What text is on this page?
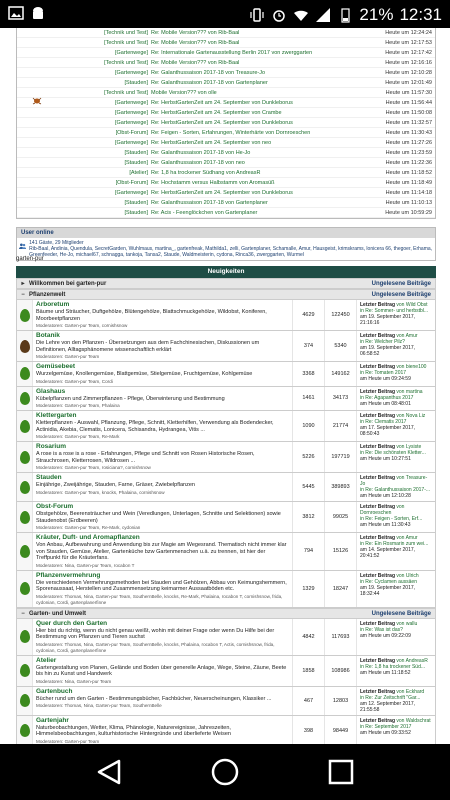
21% 12:31
[Technik und Test] Re: Mobile Version??? von Rib-Baal	Heute um 12:24:24
[Technik und Test] Re: Mobile Version??? von Rib-Baal	Heute um 12:17:53
[Gartenwege] Re: Internationale Gartenausstellung Berlin 2017 von zwerggarten	Heute um 12:17:42
[Technik und Test] Re: Mobile Version??? von Rib-Baal	Heute um 12:16:16
[Gartenwege] Re: Galanthussaison 2017-18 von Treasure-Jo	Heute um 12:10:28
[Stauden] Re: Galanthussaison 2017-18 von Gartenplaner	Heute um 12:01:49
[Technik und Test] Mobile Version??? von olle	Heute um 11:57:30
[Gartenwege] Re: HerbstGartenZeit am 24. September von Dunkleborus	Heute um 11:56:44
[Gartenwege] Re: HerbstGartenZeit am 24. September von Crambe	Heute um 11:50:08
[Gartenwege] Re: HerbstGartenZeit am 24. September von Dunkleborus	Heute um 11:32:57
[Obst-Forum] Re: Feigen - Sorten, Erfahrungen, Winterhärte von Dornroeschen	Heute um 11:30:43
[Gartenwege] Re: HerbstGartenZeit am 24. September von neo	Heute um 11:27:26
[Stauden] Re: Galanthussaison 2017-18 von He-Jo	Heute um 11:23:59
[Stauden] Re: Galanthussaison 2017-18 von neo	Heute um 11:22:36
[Atelier] Re: 1,8 ha trockener Südhang von AndreasR	Heute um 11:18:52
[Obst-Forum] Re: Hochstamm versus Halbstamm von Aromasüß	Heute um 11:18:49
[Gartenwege] Re: HerbstGartenZeit am 24. September von Dunkleborus	Heute um 11:14:18
[Stauden] Re: Galanthussaison 2017-18 von Gartenplaner	Heute um 11:10:13
[Stauden] Re: Acis - Feenglöckchen von Gartenplaner	Heute um 10:59:29
User online
141 Gäste, 29 Mitglieder
Rib-Baal, Andinia, Quendula, SecretGarden, Wuhlmaus, martina_, gartenfreak, Mathilda1, zelli, Gartenplaner, Schamalle, Amur, Hausgeist, krimskrams, lonicera 66, thegoer, Erhama, Greenfeeder, He-Jo, michael67, schnagga, tankoja, Tansa2, Staude, Waldmeisterin, cydona, Rinca36, zwerggarten, Wurmel
garten-pur
Neuigkeiten
▸ Willkommen bei garten-pur	Ungelesene Beiträge
− Pflanzenwelt	Ungelesene Beiträge
Arboretum
Bäume und Sträucher, Duftgehölze, Blütengehölze, Blattschmuckgehölze, Wildobst, Koniferen, Moorbeetpflanzen
Moderatoren: Garten-pur Team, cornishsnow
4629	122450
Letzter Beitrag von Wild Obst
in Re: Sommer- und herbstbl...
am 19. September 2017, 21:16:16
Botanik
Die Lehre von den Pflanzen - Übersetzungen aus dem Fachchinesischen, Diskussionen um Definitionen, Alltagsphänomene wissenschaftlich erklärt
Moderatoren: Garten-pur Team
374	5340
Letzter Beitrag von Amur
in Re: Welcher Pilz?
am 19. September 2017, 06:58:52
Gemüsebeet
Wurzelgemüse, Knollengemüse, Blattgemüse, Stielgemüse, Fruchtgemüse, Kohlgemüse
Moderatoren: Garten-pur Team, Cordi
3368	149162
Letzter Beitrag von biene100
in Re: Tomaten 2017
am Heute um 09:24:59
Glashaus
Kübelpflanzen und Zimmerpflanzen - Pflege, Überwinterung und Bestimmung
Moderatoren: Garten-pur Team, Phalaina
1461	34173
Letzter Beitrag von martina
in Re: Agapanthus 2017
am Heute um 08:48:01
Klettergarten
Kletterpflanzen - Auswahl, Pflanzung, Pflege, Schnitt, Kletterhilfen, Verwendung als Bodendecker, Actinidia, Akebia, Clematis, Lonicera, Schisandra, Hydrangea, Vitis ...
Moderatoren: Garten-pur Team, Re-Mark
1090	21774
Letzter Beitrag von Nova Liz
in Re: Clematis 2017
am 17. September 2017, 08:50:43
Rosarium
A rose is a rose is a rose - Erfahrungen, Pflege und Schnitt von Rosen Historische Rosen, Strauchrosen, Kletterrosen, Wildrosen ...
Moderatoren: Garten-pur Team, rosiciana?, cornishsnow
5226	197719
Letzter Beitrag von Lysiste
in Re: Die schönsten Kletter...
am Heute um 10:27:51
Stauden
Einjährige, Zweijährige, Stauden, Farne, Gräser, Zwiebelpflanzen
Moderatoren: Garten-pur Team, knocks, Phalaina, cornishsnow
5445	389893
Letzter Beitrag von Treasure-Jo
in Re: Galanthussaison 2017-...
am Heute um 12:10:28
Obst-Forum
Obstgehölze, Beerensträucher und Wein (Veredlungen, Unterlagen, Schnitte und Selektionen) sowie Staudenobst (Erdbeeren)
Moderatoren: Garten-pur Team, Re-Mark, cydonian
3812	99025
Letzter Beitrag von Dornroeschen
in Re: Feigen - Sorten, Erf...
am Heute um 11:30:43
Kräuter, Duft- und Aromapflanzen
Von Anbau, Aufbewahrung und Anwendung bis zur Magie am Wegesrand. Thematisch nicht immer klar von Stauden, Gemüse, Atelier, Gartenküche bzw Gartenmenschen u.ä. zu trennen, ist hier der Treffpunkt für die Kräuterfans.
Moderatoren: Nina, Garten-pur Team, rocabon T
794	15126
Letzter Beitrag von Amur
in Re: Ein Rosmarin zum wei...
am 14. September 2017, 20:41:52
Pflanzenvermehrung
Die verschiedenen Vermehrungsmethoden bei Stauden und Gehölzen, Abbau von Keimungshemmern, Sporenaussaat, Herstellen und Zusammensetzung keimarmer Aussaatböden etc.
Moderatoren: Thomas, Nina, Garten-pur Team, SouthernBelle, knocks, Re-Mark, Phalaina, rocabon T, cornishsnow, frida, cydonian, Cordi, gartenplanerfinne
1329	18247
Letzter Beitrag von Ulrich
in Re: Cyclamen aussäen
am 19. September 2017, 18:32:44
− Garten- und Umwelt	Ungelesene Beiträge
Quer durch den Garten
Hier bist du richtig, wenn du nicht genau weißt, wohin mit deiner Frage oder wenn Du Hilfe bei der Bestimmung von Pflanzen und Tieren suchst
Moderatoren: Thomas, Nina, Garten-pur Team, SouthernBelle, knocks, Phalaina, rocabon T, Actis, cornishsnow, frida, cydonian, Cordi, gartenplanerfinne
4842	117693
Letzter Beitrag von wallu
in Re: Was ist das?
am Heute um 09:22:09
Atelier
Gartengestaltung von Planen, Gelände und Boden über generelle Anlage, Wege, Steine, Zäune, Beete bis hin zu Kunst und Handwerk
Moderatoren: Nina, Garten-pur Team
1858	108986
Letzter Beitrag von AndreasR
in Re: 1,8 ha trockener Süd...
am Heute um 11:18:52
Gartenbuch
Bücher rund um den Garten - Bestimmungsbücher, Fachbücher, Neuerscheinungen, Klassiker ...
Moderatoren: Thomas, Nina, Garten-pur Team, SouthernBelle
467	12803
Letzter Beitrag von Eckhard
in Re: Zur Zeitschrift "Gar...
am 12. September 2017, 21:55:58
Gartenjahr
Naturbeobachtungen, Wetter, Klima, Phänologie, Naturereignisse, Jahreszeiten, Himmelsbeobachtungen, kulturhistorische Hintergründe und überlieferte Weisen
Moderatoren: Garten-pur Team
398	98449
Letzter Beitrag von Waldschrat
in Re: September 2017
am Heute um 09:33:52
